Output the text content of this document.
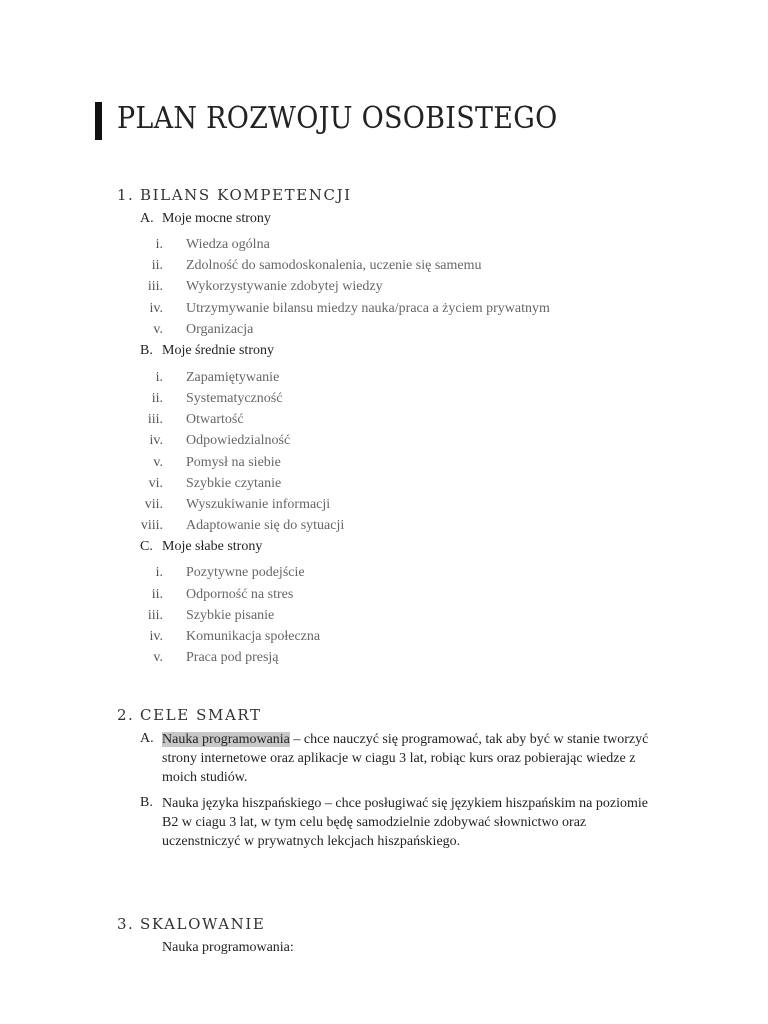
PLAN ROZWOJU OSOBISTEGO
1. BILANS KOMPETENCJI
A. Moje mocne strony
i. Wiedza ogólna
ii. Zdolność do samodoskonalenia, uczenie się samemu
iii. Wykorzystywanie zdobytej wiedzy
iv. Utrzymywanie bilansu miedzy nauka/praca a życiem prywatnym
v. Organizacja
B. Moje średnie strony
i. Zapamiętywanie
ii. Systematyczność
iii. Otwartość
iv. Odpowiedzialność
v. Pomysł na siebie
vi. Szybkie czytanie
vii. Wyszukiwanie informacji
viii. Adaptowanie się do sytuacji
C. Moje słabe strony
i. Pozytywne podejście
ii. Odporność na stres
iii. Szybkie pisanie
iv. Komunikacja społeczna
v. Praca pod presją
2. CELE SMART
A. Nauka programowania – chce nauczyć się programować, tak aby być w stanie tworzyć strony internetowe oraz aplikacje w ciagu 3 lat, robiąc kurs oraz pobierając wiedze z moich studiów.
B. Nauka języka hiszpańskiego – chce posługiwać się językiem hiszpańskim na poziomie B2 w ciagu 3 lat, w tym celu będę samodzielnie zdobywać słownictwo oraz uczenstniczyć w prywatnych lekcjach hiszpańskiego.
3. SKALOWANIE
Nauka programowania:
